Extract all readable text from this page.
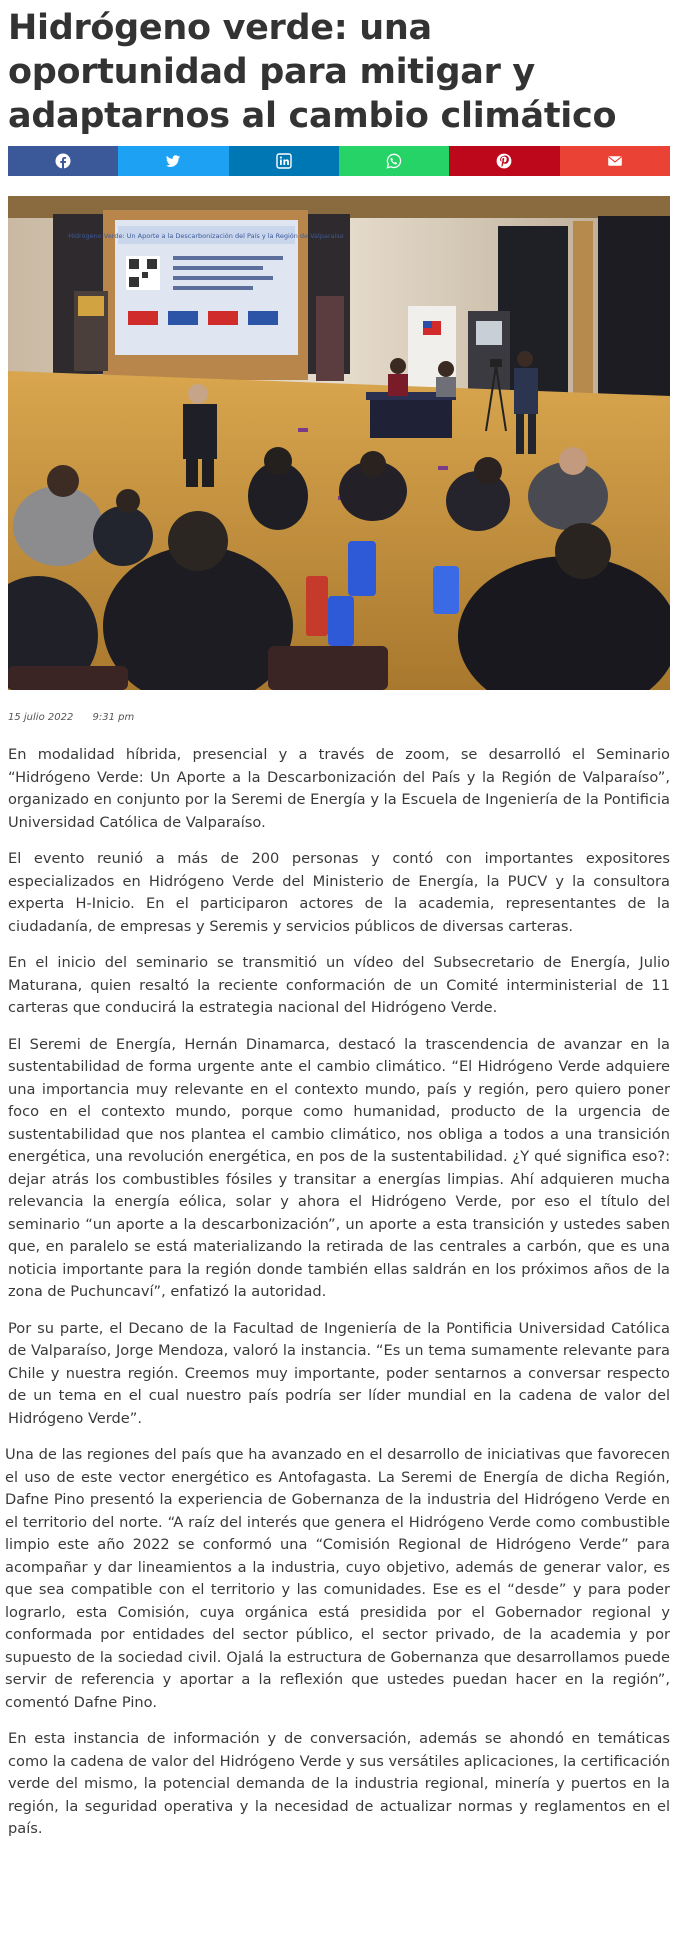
Hidrógeno verde: una oportunidad para mitigar y adaptarnos al cambio climático
Hidrógeno Verde: Un Aporte a la Descarbonización del País y la Región de Valparaíso
15 julio 2022 9:31 pm

En modalidad híbrida, presencial y a través de zoom, se desarrolló el Seminario “Hidrógeno Verde: Un Aporte a la Descarbonización del País y la Región de Valparaíso”, organizado en conjunto por la Seremi de Energía y la Escuela de Ingeniería de la Pontificia Universidad Católica de Valparaíso.

El evento reunió a más de 200 personas y contó con importantes expositores especializados en Hidrógeno Verde del Ministerio de Energía, la PUCV y la consultora experta H-Inicio. En el participaron actores de la academia, representantes de la ciudadanía, de empresas y Seremis y servicios públicos de diversas carteras.

En el inicio del seminario se transmitió un vídeo del Subsecretario de Energía, Julio Maturana, quien resaltó la reciente conformación de un Comité interministerial de 11 carteras que conducirá la estrategia nacional del Hidrógeno Verde.

El Seremi de Energía, Hernán Dinamarca, destacó la trascendencia de avanzar en la sustentabilidad de forma urgente ante el cambio climático. “El Hidrógeno Verde adquiere una importancia muy relevante en el contexto mundo, país y región, pero quiero poner foco en el contexto mundo, porque como humanidad, producto de la urgencia de sustentabilidad que nos plantea el cambio climático, nos obliga a todos a una transición energética, una revolución energética, en pos de la sustentabilidad. ¿Y qué significa eso?: dejar atrás los combustibles fósiles y transitar a energías limpias. Ahí adquieren mucha relevancia la energía eólica, solar y ahora el Hidrógeno Verde, por eso el título del seminario “un aporte a la descarbonización”, un aporte a esta transición y ustedes saben que, en paralelo se está materializando la retirada de las centrales a carbón, que es una noticia importante para la región donde también ellas saldrán en los próximos años de la zona de Puchuncaví”, enfatizó la autoridad.

Por su parte, el Decano de la Facultad de Ingeniería de la Pontificia Universidad Católica de Valparaíso, Jorge Mendoza, valoró la instancia. “Es un tema sumamente relevante para Chile y nuestra región. Creemos muy importante, poder sentarnos a conversar respecto de un tema en el cual nuestro país podría ser líder mundial en la cadena de valor del Hidrógeno Verde”.

Una de las regiones del país que ha avanzado en el desarrollo de iniciativas que favorecen el uso de este vector energético es Antofagasta. La Seremi de Energía de dicha Región, Dafne Pino presentó la experiencia de Gobernanza de la industria del Hidrógeno Verde en el territorio del norte. “A raíz del interés que genera el Hidrógeno Verde como combustible limpio este año 2022 se conformó una “Comisión Regional de Hidrógeno Verde” para acompañar y dar lineamientos a la industria, cuyo objetivo, además de generar valor, es que sea compatible con el territorio y las comunidades. Ese es el “desde” y para poder lograrlo, esta Comisión, cuya orgánica está presidida por el Gobernador regional y conformada por entidades del sector público, el sector privado, de la academia y por supuesto de la sociedad civil. Ojalá la estructura de Gobernanza que desarrollamos puede servir de referencia y aportar a la reflexión que ustedes puedan hacer en la región”, comentó Dafne Pino.

En esta instancia de información y de conversación, además se ahondó en temáticas como la cadena de valor del Hidrógeno Verde y sus versátiles aplicaciones, la certificación verde del mismo, la potencial demanda de la industria regional, minería y puertos en la región, la seguridad operativa y la necesidad de actualizar normas y reglamentos en el país.
